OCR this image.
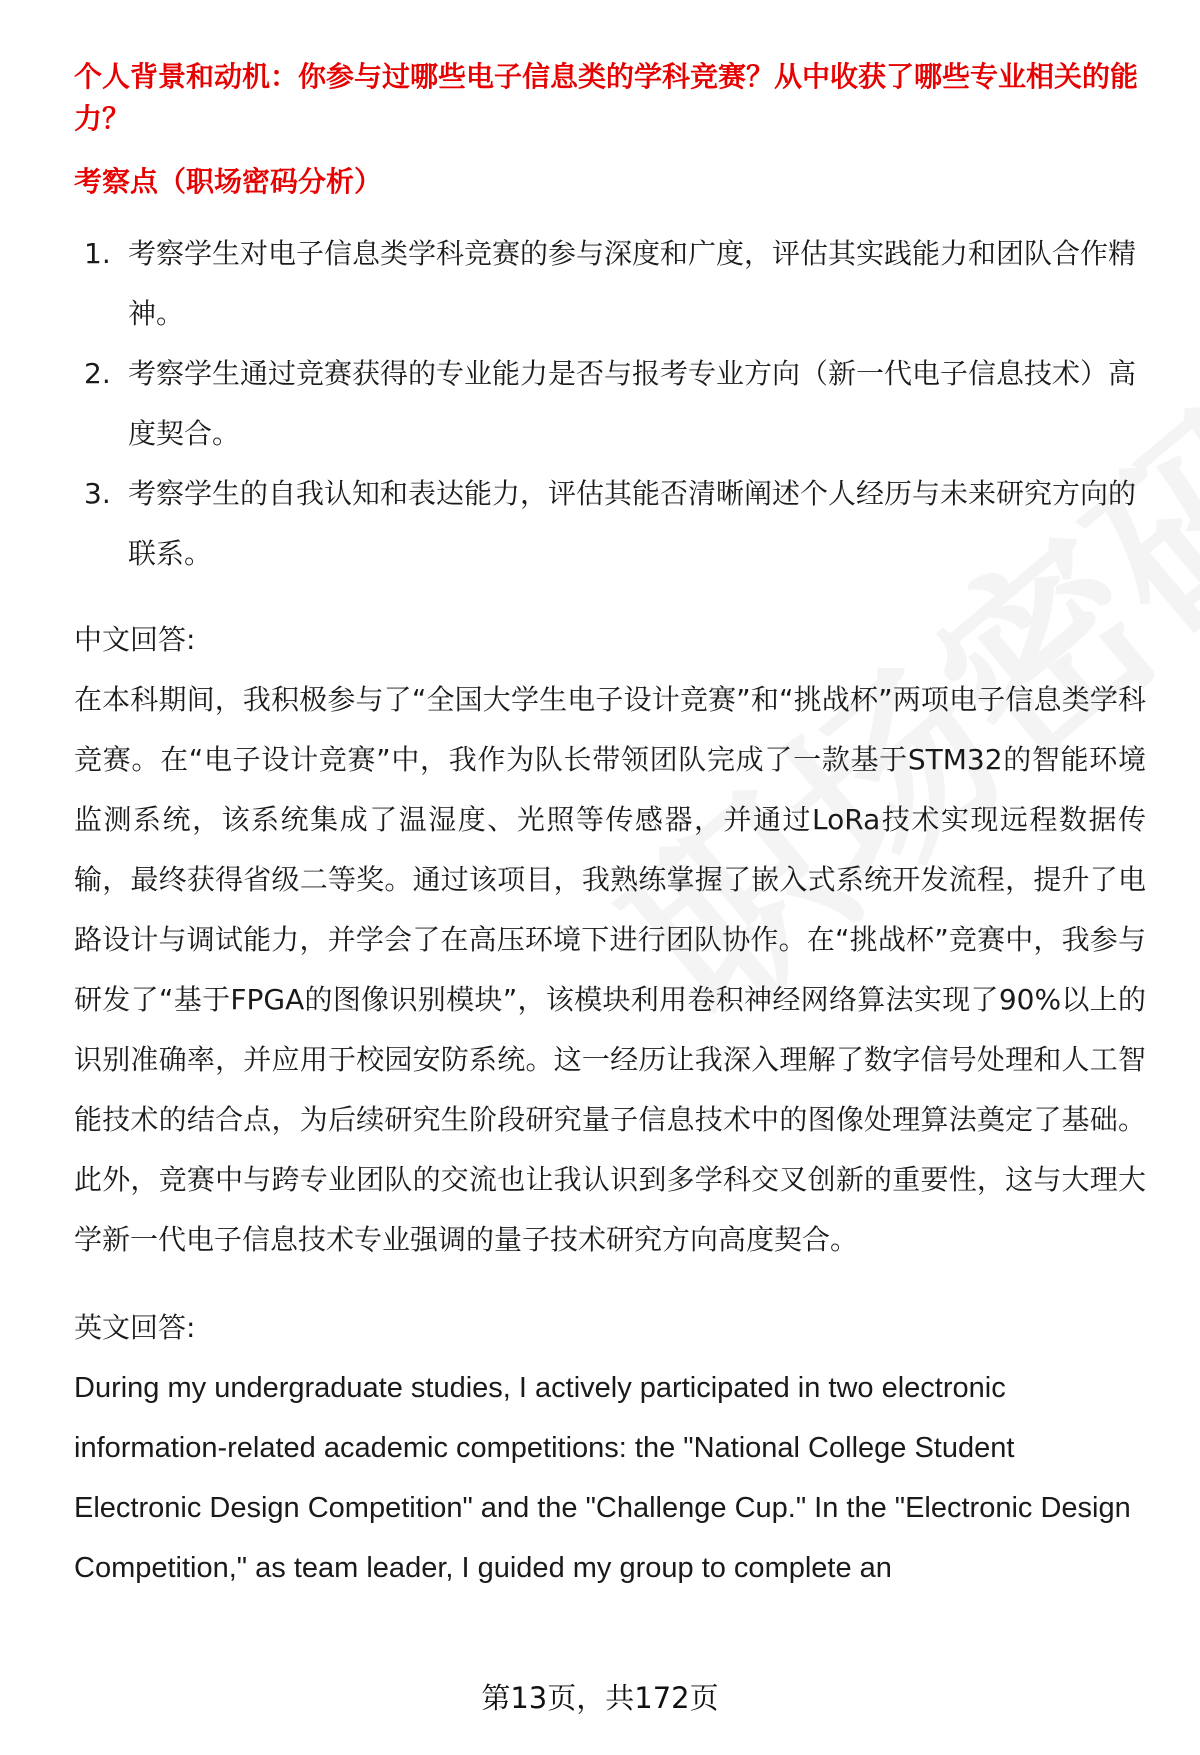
个人背景和动机：你参与过哪些电子信息类的学科竞赛？从中收获了哪些专业相关的能力？

考察点（职场密码分析）

1. 考察学生对电子信息类学科竞赛的参与深度和广度，评估其实践能力和团队合作精神。
2. 考察学生通过竞赛获得的专业能力是否与报考专业方向（新一代电子信息技术）高度契合。
3. 考察学生的自我认知和表达能力，评估其能否清晰阐述个人经历与未来研究方向的联系。

中文回答:

在本科期间，我积极参与了“全国大学生电子设计竞赛”和“挑战杯”两项电子信息类学科竞赛。在“电子设计竞赛”中，我作为队长带领团队完成了一款基于STM32的智能环境监测系统，该系统集成了温湿度、光照等传感器，并通过LoRa技术实现远程数据传输，最终获得省级二等奖。通过该项目，我熟练掌握了嵌入式系统开发流程，提升了电路设计与调试能力，并学会了在高压环境下进行团队协作。在“挑战杯”竞赛中，我参与研发了“基于FPGA的图像识别模块”，该模块利用卷积神经网络算法实现了90%以上的识别准确率，并应用于校园安防系统。这一经历让我深入理解了数字信号处理和人工智能技术的结合点，为后续研究生阶段研究量子信息技术中的图像处理算法奠定了基础。此外，竞赛中与跨专业团队的交流也让我认识到多学科交叉创新的重要性，这与大理大学新一代电子信息技术专业强调的量子技术研究方向高度契合。

英文回答:

During my undergraduate studies, I actively participated in two electronic information-related academic competitions: the "National College Student Electronic Design Competition" and the "Challenge Cup." In the "Electronic Design Competition," as team leader, I guided my group to complete an

第13页，共172页
